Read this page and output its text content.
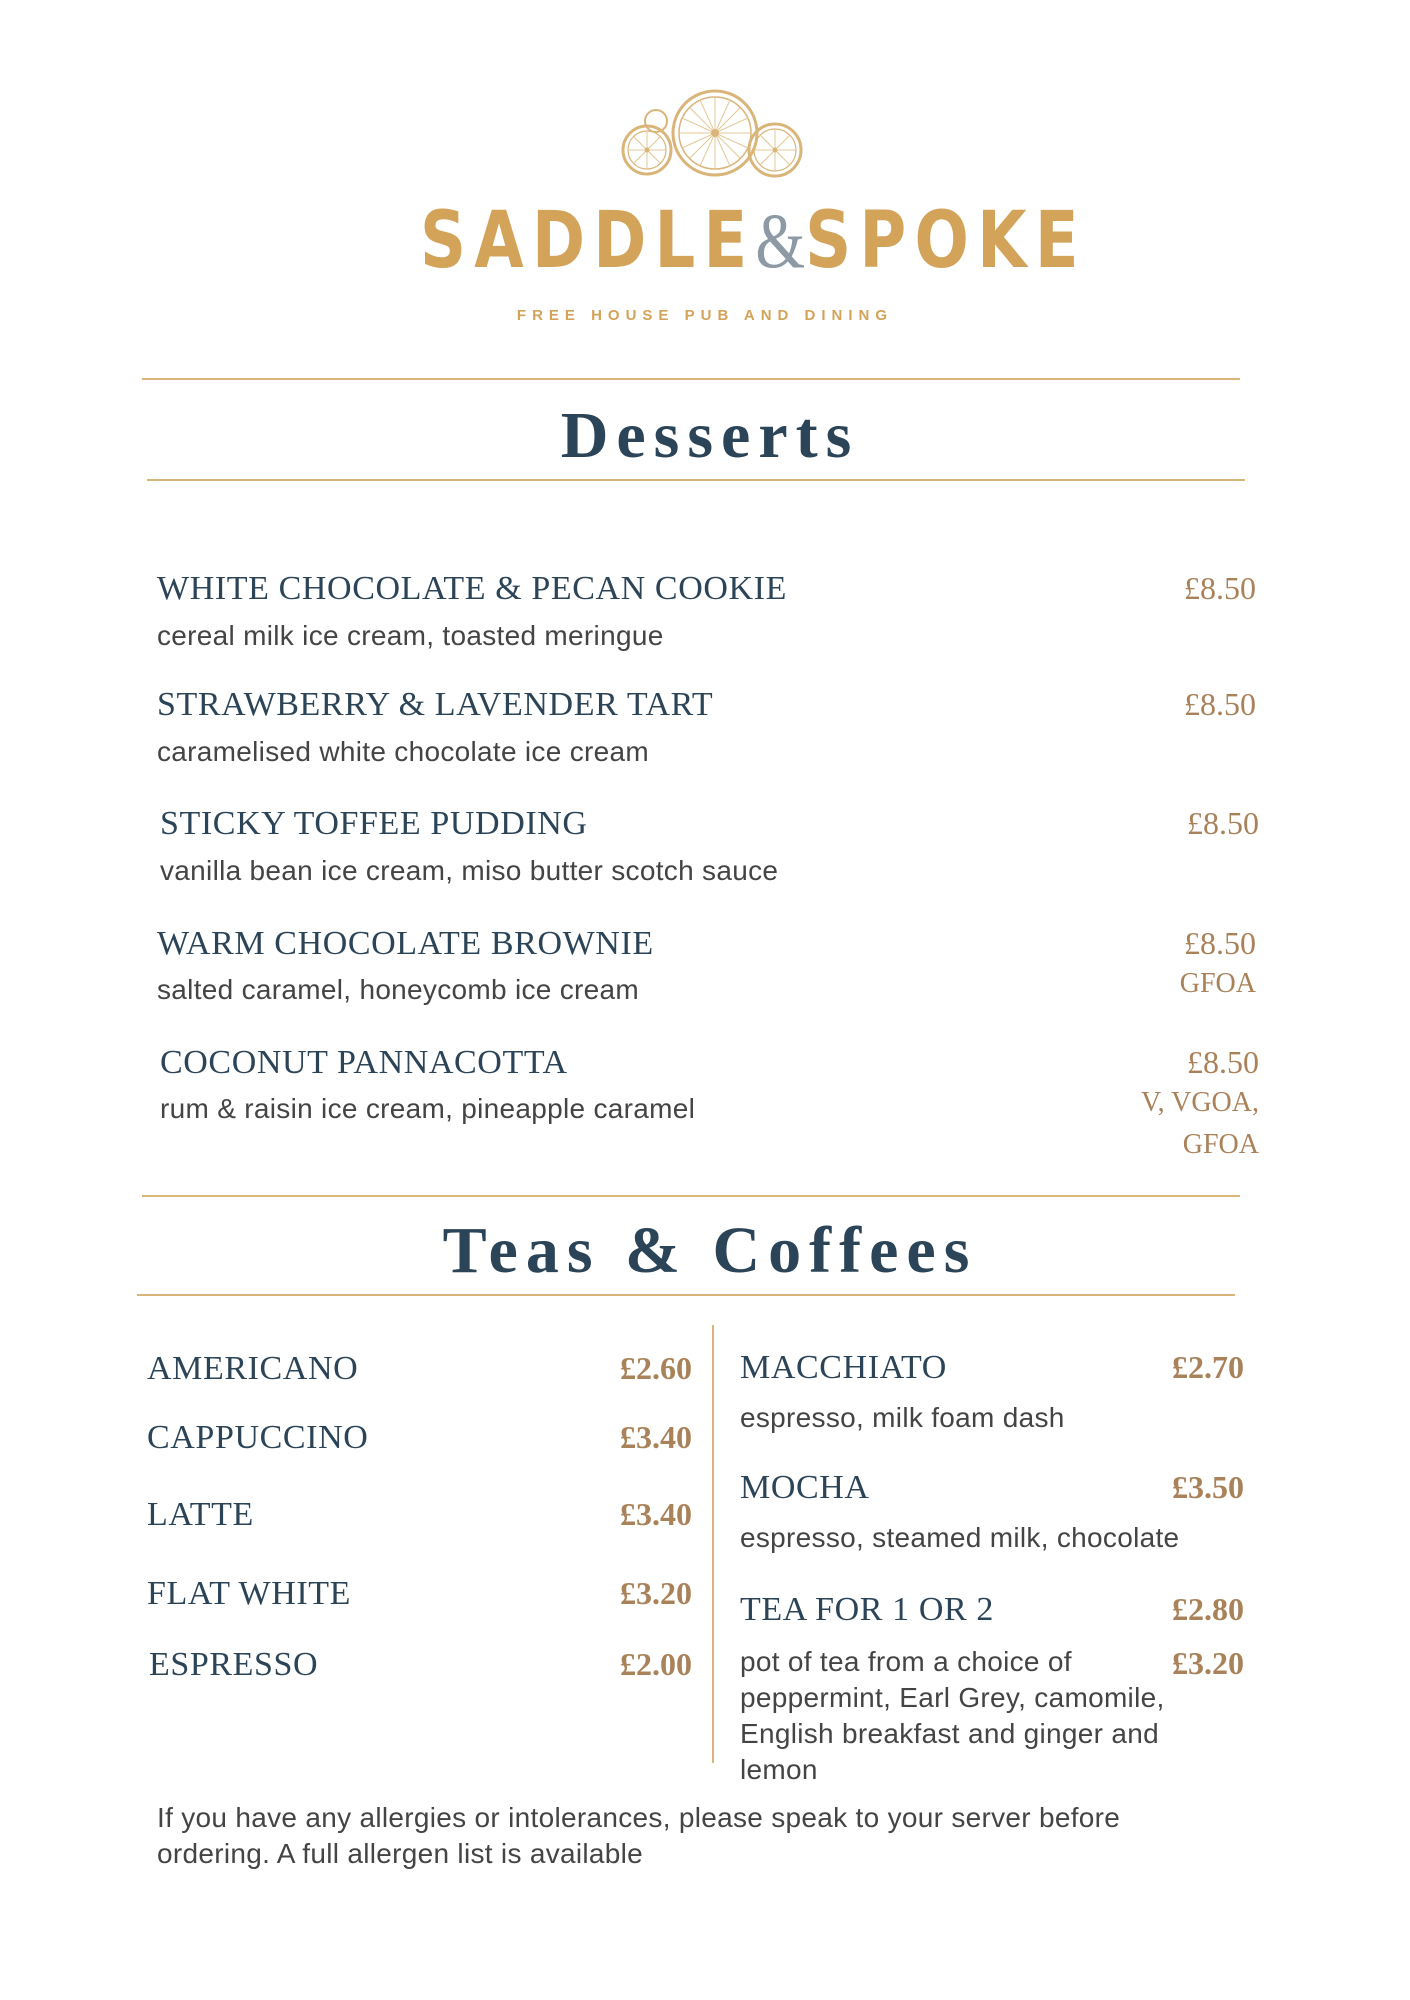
SADDLE&SPOKE
FREE HOUSE PUB AND DINING
Desserts
WHITE CHOCOLATE & PECAN COOKIE
cereal milk ice cream, toasted meringue
£8.50
STRAWBERRY & LAVENDER TART
caramelised white chocolate ice cream
£8.50
STICKY TOFFEE PUDDING
vanilla bean ice cream, miso butter scotch sauce
£8.50
WARM CHOCOLATE BROWNIE
salted caramel, honeycomb ice cream
£8.50
GFOA
COCONUT PANNACOTTA
rum & raisin ice cream, pineapple caramel
£8.50
V, VGOA,
GFOA
Teas & Coffees
AMERICANO	£2.60
CAPPUCCINO	£3.40
LATTE	£3.40
FLAT WHITE	£3.20
ESPRESSO	£2.00
MACCHIATO	£2.70
espresso, milk foam dash
MOCHA	£3.50
espresso, steamed milk, chocolate
TEA FOR 1 OR 2	£2.80
£3.20
pot of tea from a choice of
peppermint, Earl Grey, camomile,
English breakfast and ginger and
lemon
If you have any allergies or intolerances, please speak to your server before
ordering. A full allergen list is available
